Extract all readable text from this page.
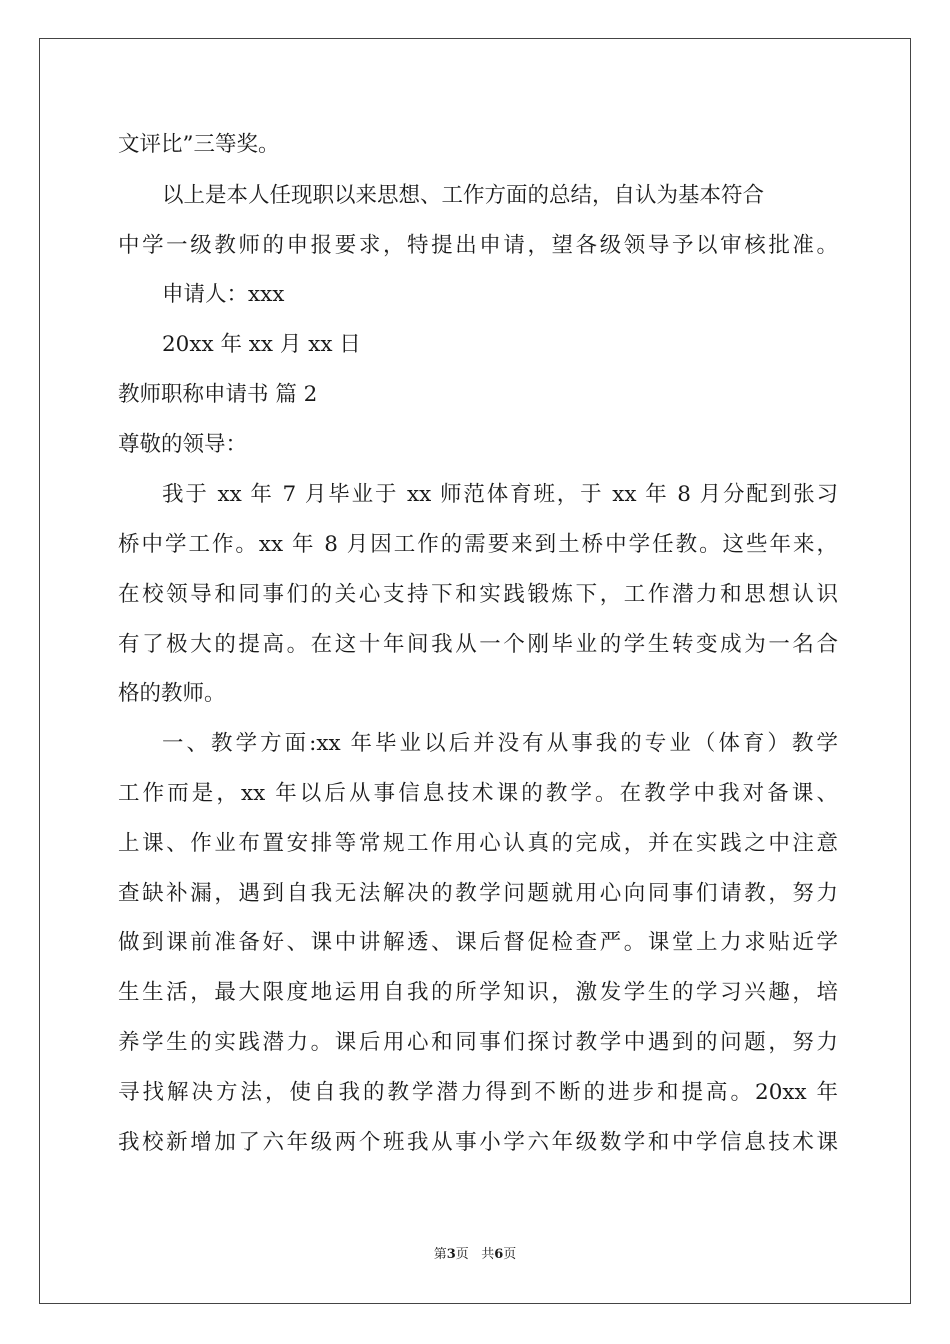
文评比”三等奖。
以上是本人任现职以来思想、工作方面的总结，自认为基本符合
中学一级教师的申报要求，特提出申请，望各级领导予以审核批准。
申请人：xxx
20xx 年 xx 月 xx 日
教师职称申请书 篇 2
尊敬的领导：
我于 xx 年 7 月毕业于 xx 师范体育班，于 xx 年 8 月分配到张习
桥中学工作。xx 年 8 月因工作的需要来到土桥中学任教。这些年来，
在校领导和同事们的关心支持下和实践锻炼下，工作潜力和思想认识
有了极大的提高。在这十年间我从一个刚毕业的学生转变成为一名合
格的教师。
一、教学方面:xx 年毕业以后并没有从事我的专业（体育）教学
工作而是，xx 年以后从事信息技术课的教学。在教学中我对备课、
上课、作业布置安排等常规工作用心认真的完成，并在实践之中注意
查缺补漏，遇到自我无法解决的教学问题就用心向同事们请教，努力
做到课前准备好、课中讲解透、课后督促检查严。课堂上力求贴近学
生生活，最大限度地运用自我的所学知识，激发学生的学习兴趣，培
养学生的实践潜力。课后用心和同事们探讨教学中遇到的问题，努力
寻找解决方法，使自我的教学潜力得到不断的进步和提高。20xx 年
我校新增加了六年级两个班我从事小学六年级数学和中学信息技术课
第3页 共6页
